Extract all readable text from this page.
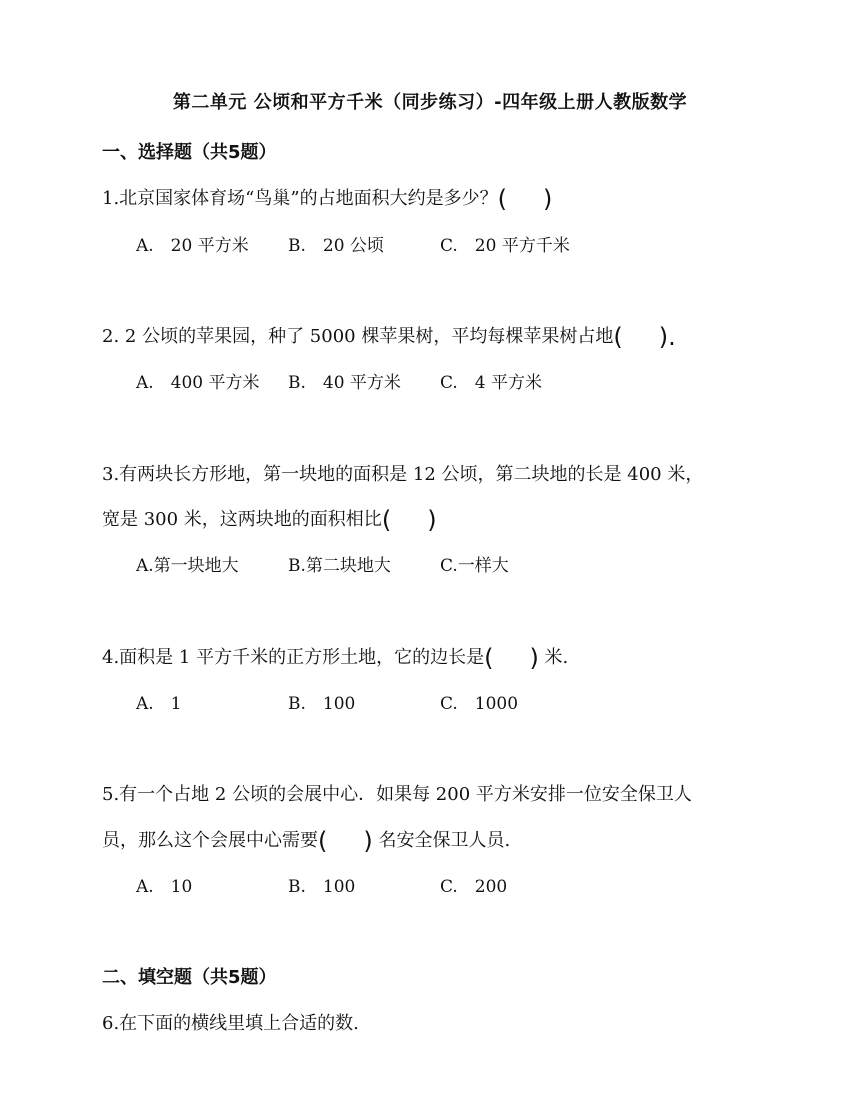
第二单元 公顷和平方千米（同步练习）-四年级上册人教版数学
一、选择题（共5题）
1.北京国家体育场“鸟巢”的占地面积大约是多少？( )
A.　20 平方米 B.　20 公顷	C.　20 平方千米
2. 2 公顷的苹果园，种了 5000 棵苹果树，平均每棵苹果树占地( ).
A.　400 平方米 B.　40 平方米 C.　4 平方米
3.有两块长方形地，第一块地的面积是 12 公顷，第二块地的长是 400 米，
宽是 300 米，这两块地的面积相比( )
A.第一块地大	B.第二块地大	C.一样大
4.面积是 1 平方千米的正方形土地，它的边长是( ) 米.
A.　1	B.　100	C.　1000
5.有一个占地 2 公顷的会展中心．如果每 200 平方米安排一位安全保卫人
员，那么这个会展中心需要( ) 名安全保卫人员.
A.　10	B.　100	C.　200
二、填空题（共5题）
6.在下面的横线里填上合适的数.
